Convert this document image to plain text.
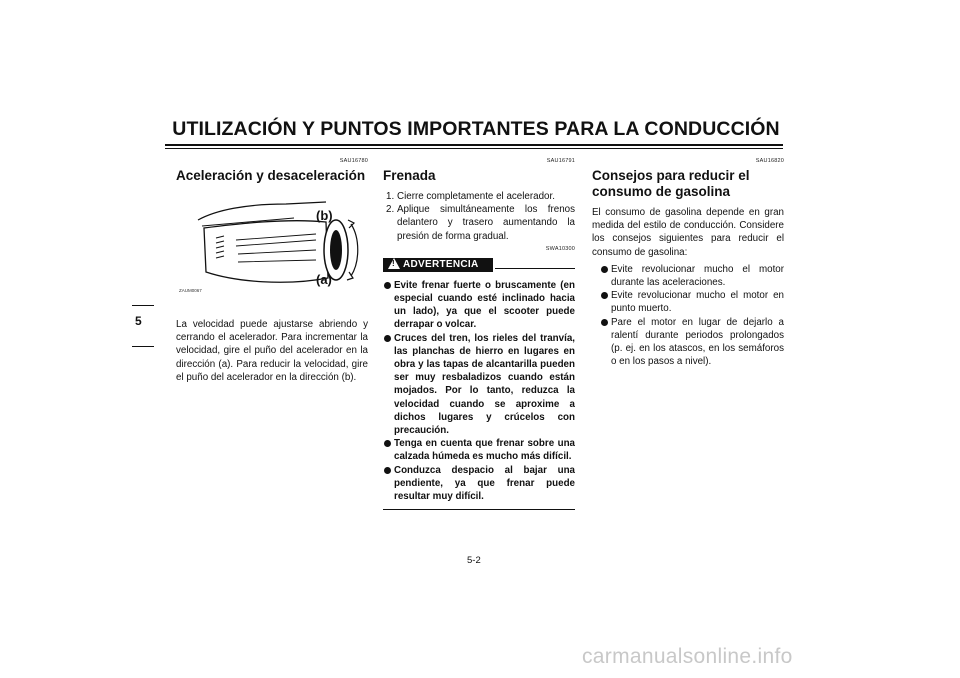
UTILIZACIÓN Y PUNTOS IMPORTANTES PARA LA CONDUCCIÓN
5
SAU16780
Aceleración y desaceleración
(b)
(a)
ZAUM0067

La velocidad puede ajustarse abriendo y cerrando el acelerador. Para incrementar la velocidad, gire el puño del acelerador en la dirección (a). Para reducir la velocidad, gire el puño del acelerador en la dirección (b).

SAU16791
Frenada
1. Cierre completamente el acelerador.
2. Aplique simultáneamente los frenos delantero y trasero aumentando la presión de forma gradual.
SWA10300
! ADVERTENCIA
Evite frenar fuerte o bruscamente (en especial cuando esté inclinado hacia un lado), ya que el scooter puede derrapar o volcar.
Cruces del tren, los rieles del tranvía, las planchas de hierro en lugares en obra y las tapas de alcantarilla pueden ser muy resbaladizos cuando están mojados. Por lo tanto, reduzca la velocidad cuando se aproxime a dichos lugares y crúcelos con precaución.
Tenga en cuenta que frenar sobre una calzada húmeda es mucho más difícil.
Conduzca despacio al bajar una pendiente, ya que frenar puede resultar muy difícil.
SAU16820
Consejos para reducir el consumo de gasolina

El consumo de gasolina depende en gran medida del estilo de conducción. Considere los consejos siguientes para reducir el consumo de gasolina:

Evite revolucionar mucho el motor durante las aceleraciones.
Evite revolucionar mucho el motor en punto muerto.
Pare el motor en lugar de dejarlo a ralentí durante periodos prolongados (p. ej. en los atascos, en los semáforos o en los pasos a nivel).
5-2
carmanualsonline.info
